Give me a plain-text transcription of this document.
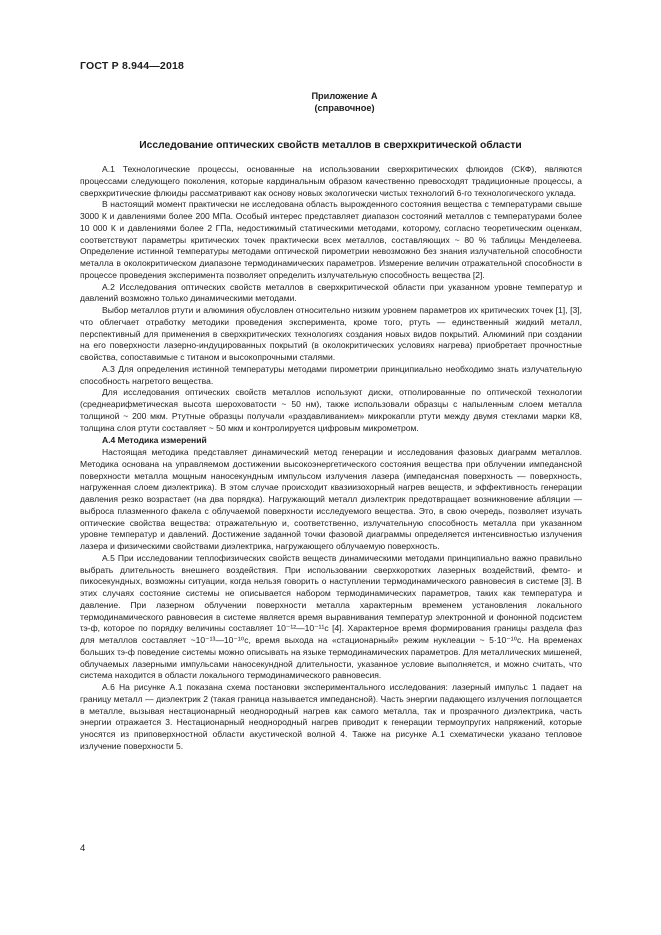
ГОСТ Р 8.944—2018
Приложение А
(справочное)
Исследование оптических свойств металлов в сверхкритической области

А.1 Технологические процессы, основанные на использовании сверхкритических флюидов (СКФ), являются процессами следующего поколения, которые кардинальным образом качественно превосходят традиционные процессы, а сверхкритические флюиды рассматривают как основу новых экологически чистых технологий 6-го технологического уклада.

В настоящий момент практически не исследована область вырожденного состояния вещества с температурами свыше 3000 К и давлениями более 200 МПа. Особый интерес представляет диапазон состояний металлов с температурами более 10 000 К и давлениями более 2 ГПа, недостижимый статическими методами, которому, согласно теоретическим оценкам, соответствуют параметры критических точек практически всех металлов, составляющих ~ 80 % таблицы Менделеева. Определение истинной температуры методами оптической пирометрии невозможно без знания излучательной способности металла в околокритическом диапазоне термодинамических параметров. Измерение величин отражательной способности в процессе проведения эксперимента позволяет определить излучательную способность вещества [2].

А.2 Исследования оптических свойств металлов в сверхкритической области при указанном уровне температур и давлений возможно только динамическими методами.

Выбор металлов ртути и алюминия обусловлен относительно низким уровнем параметров их критических точек [1], [3], что облегчает отработку методики проведения эксперимента, кроме того, ртуть — единственный жидкий металл, перспективный для применения в сверхкритических технологиях создания новых видов покрытий. Алюминий при создании на его поверхности лазерно-индуцированных покрытий (в околокритических условиях нагрева) приобретает прочностные свойства, сопоставимые с титаном и высокопрочными сталями.

А.3 Для определения истинной температуры методами пирометрии принципиально необходимо знать излучательную способность нагретого вещества.

Для исследования оптических свойств металлов используют диски, отполированные по оптической технологии (среднеарифметическая высота шероховатости ~ 50 нм), также использовали образцы с напыленным слоем металла толщиной ~ 200 мкм. Ртутные образцы получали «раздавливанием» микрокапли ртути между двумя стеклами марки К8, толщина слоя ртути составляет ~ 50 мкм и контролируется цифровым микрометром.

А.4 Методика измерений

Настоящая методика представляет динамический метод генерации и исследования фазовых диаграмм металлов. Методика основана на управляемом достижении высокоэнергетического состояния вещества при облучении импедансной поверхности металла мощным наносекундным импульсом излучения лазера (импедансная поверхность — поверхность, нагруженная слоем диэлектрика). В этом случае происходит квазиизохорный нагрев веществ, и эффективность генерации давления резко возрастает (на два порядка). Нагружающий металл диэлектрик предотвращает возникновение абляции — выброса плазменного факела с облучаемой поверхности исследуемого вещества. Это, в свою очередь, позволяет изучать оптические свойства вещества: отражательную и, соответственно, излучательную способность металла при указанном уровне температур и давлений. Достижение заданной точки фазовой диаграммы определяется интенсивностью излучения лазера и физическими свойствами диэлектрика, нагружающего облучаемую поверхность.

А.5 При исследовании теплофизических свойств веществ динамическими методами принципиально важно правильно выбрать длительность внешнего воздействия. При использовании сверхкоротких лазерных воздействий, фемто- и пикосекундных, возможны ситуации, когда нельзя говорить о наступлении термодинамического равновесия в системе [3]. В этих случаях состояние системы не описывается набором термодинамических параметров, таких как температура и давление. При лазерном облучении поверхности металла характерным временем установления локального термодинамического равновесия в системе является время выравнивания температур электронной и фононной подсистем τэ-ф, которое по порядку величины составляет 10⁻¹²—10⁻¹¹с [4]. Характерное время формирования границы раздела фаз для металлов составляет ~10⁻¹³—10⁻¹⁰с, время выхода на «стационарный» режим нуклеации ~ 5·10⁻¹⁰с. На временах больших τэ-ф поведение системы можно описывать на языке термодинамических параметров. Для металлических мишеней, облучаемых лазерными импульсами наносекундной длительности, указанное условие выполняется, и можно считать, что система находится в области локального термодинамического равновесия.

А.6 На рисунке А.1 показана схема постановки экспериментального исследования: лазерный импульс 1 падает на границу металл — диэлектрик 2 (такая граница называется импедансной). Часть энергии падающего излучения поглощается в металле, вызывая нестационарный неоднородный нагрев как самого металла, так и прозрачного диэлектрика, часть энергии отражается 3. Нестационарный неоднородный нагрев приводит к генерации термоупругих напряжений, которые уносятся из приповерхностной области акустической волной 4. Также на рисунке А.1 схематически указано тепловое излучение поверхности 5.

4
